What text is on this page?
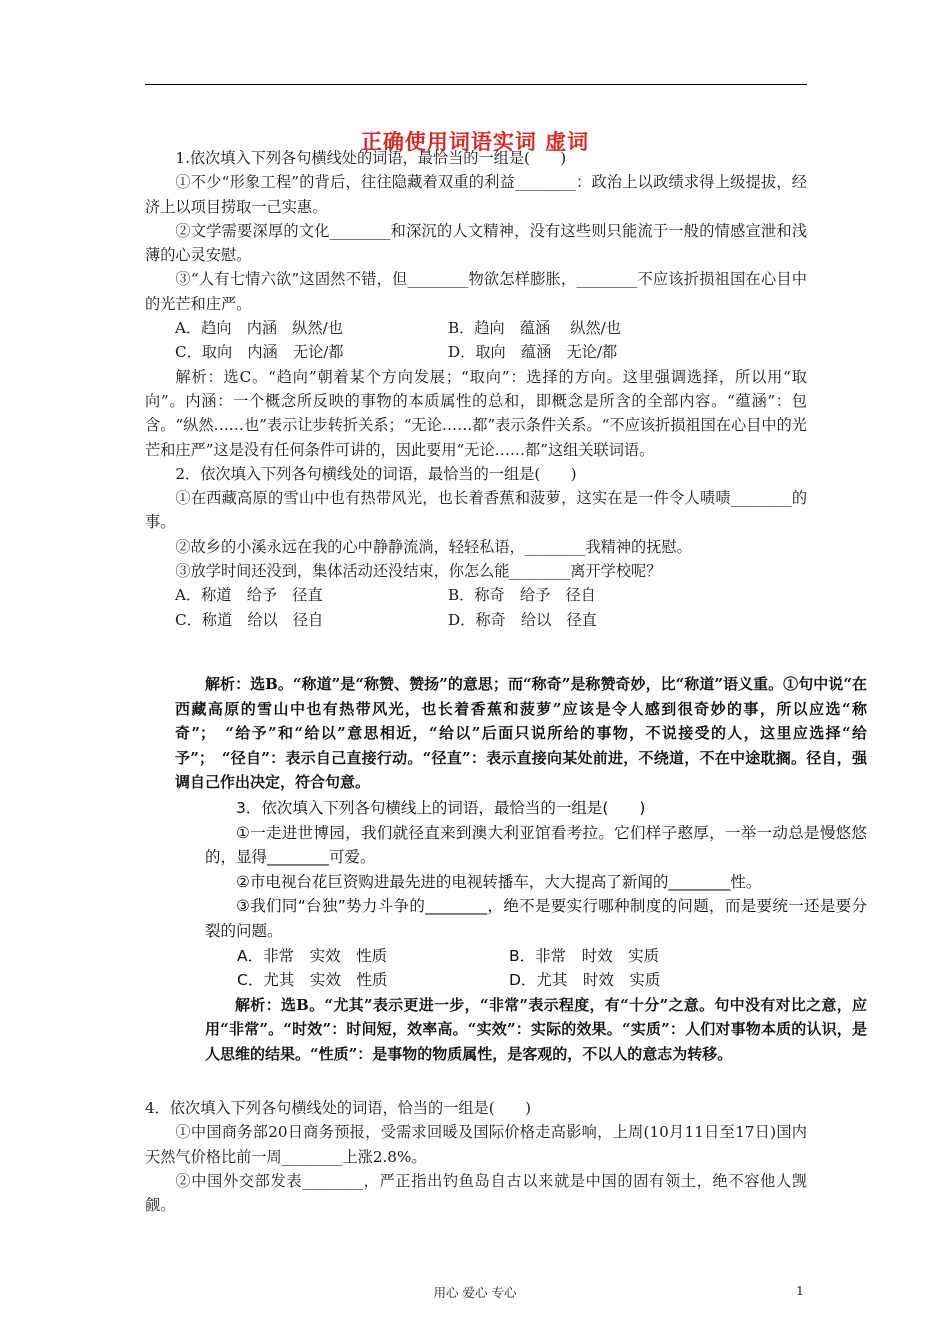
正确使用词语实词 虚词

1.依次填入下列各句横线处的词语，最恰当的一组是(　　)

①不少“形象工程”的背后，往往隐藏着双重的利益________：政治上以政绩求得上级提拔，经济上以项目捞取一己实惠。

②文学需要深厚的文化________和深沉的人文精神，没有这些则只能流于一般的情感宣泄和浅薄的心灵安慰。

③“人有七情六欲”这固然不错，但________物欲怎样膨胀，________不应该折损祖国在心目中的光芒和庄严。

A．趋向　内涵　纵然/也	B．趋向　蕴涵　 纵然/也
C．取向　内涵　无论/都	D．取向　蕴涵　无论/都

解析：选C。“趋向”朝着某个方向发展；“取向”：选择的方向。这里强调选择，所以用“取向”。内涵：一个概念所反映的事物的本质属性的总和，即概念是所含的全部内容。“蕴涵”：包含。“纵然……也”表示让步转折关系；“无论……都”表示条件关系。“不应该折损祖国在心目中的光芒和庄严”这是没有任何条件可讲的，因此要用“无论……都”这组关联词语。

2．依次填入下列各句横线处的词语，最恰当的一组是(　　)

①在西藏高原的雪山中也有热带风光，也长着香蕉和菠萝，这实在是一件令人啧啧________的事。

②故乡的小溪永远在我的心中静静流淌，轻轻私语，________我精神的抚慰。

③放学时间还没到，集体活动还没结束，你怎么能________离开学校呢？

A．称道　给予　径直	B．称奇　给予　径自
C．称道　给以　径自	D．称奇　给以　径直

解析：选B。“称道”是“称赞、赞扬”的意思；而“称奇”是称赞奇妙，比“称道”语义重。①句中说“在西藏高原的雪山中也有热带风光，也长着香蕉和菠萝”应该是令人感到很奇妙的事，所以应选“称奇”；　“给予”和“给以”意思相近，“给以”后面只说所给的事物，不说接受的人，这里应选择“给予”；　“径自”：表示自己直接行动。“径直”：表示直接向某处前进，不绕道，不在中途耽搁。径自，强调自己作出决定，符合句意。

3．依次填入下列各句横线上的词语，最恰当的一组是(　　)

①一走进世博园，我们就径直来到澳大利亚馆看考拉。它们样子憨厚，一举一动总是慢悠悠的，显得________可爱。

②市电视台花巨资购进最先进的电视转播车，大大提高了新闻的________性。

③我们同“台独”势力斗争的________，绝不是要实行哪种制度的问题，而是要统一还是要分裂的问题。

A．非常　实效　性质	B．非常　时效　实质
C．尤其　实效　性质	D．尤其　时效　实质

解析：选B。“尤其”表示更进一步，“非常”表示程度，有“十分”之意。句中没有对比之意，应用“非常”。“时效”：时间短，效率高。“实效”：实际的效果。“实质”：人们对事物本质的认识，是人思维的结果。“性质”：是事物的物质属性，是客观的，不以人的意志为转移。

4．依次填入下列各句横线处的词语，恰当的一组是(　　)

①中国商务部20日商务预报，受需求回暖及国际价格走高影响，上周(10月11日至17日)国内天然气价格比前一周________上涨2.8%。

②中国外交部发表________，严正指出钓鱼岛自古以来就是中国的固有领土，绝不容他人觊觎。

用心 爱心 专心	1
